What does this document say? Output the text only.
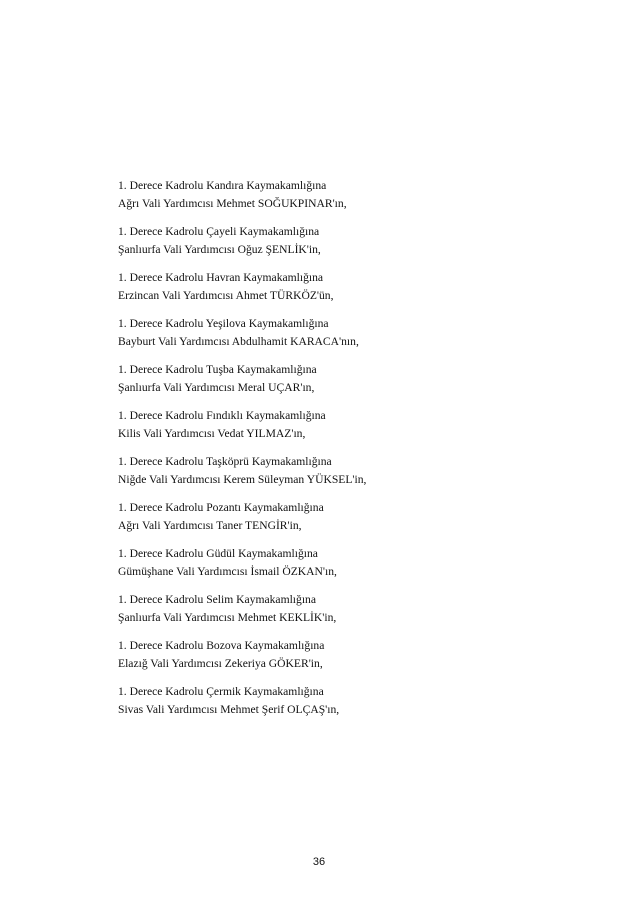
1. Derece Kadrolu Kandıra Kaymakamlığına
Ağrı Vali Yardımcısı Mehmet SOĞUKPINAR'ın,
1. Derece Kadrolu Çayeli Kaymakamlığına
Şanlıurfa Vali Yardımcısı Oğuz ŞENLİK'in,
1. Derece Kadrolu Havran Kaymakamlığına
Erzincan Vali Yardımcısı Ahmet TÜRKÖZ'ün,
1. Derece Kadrolu Yeşilova Kaymakamlığına
Bayburt Vali Yardımcısı Abdulhamit KARACA'nın,
1. Derece Kadrolu Tuşba Kaymakamlığına
Şanlıurfa Vali Yardımcısı Meral UÇAR'ın,
1. Derece Kadrolu Fındıklı Kaymakamlığına
Kilis Vali Yardımcısı Vedat YILMAZ'ın,
1. Derece Kadrolu Taşköprü Kaymakamlığına
Niğde Vali Yardımcısı Kerem Süleyman YÜKSEL'in,
1. Derece Kadrolu Pozantı Kaymakamlığına
Ağrı Vali Yardımcısı Taner TENGİR'in,
1. Derece Kadrolu Güdül Kaymakamlığına
Gümüşhane Vali Yardımcısı İsmail ÖZKAN'ın,
1. Derece Kadrolu Selim Kaymakamlığına
Şanlıurfa Vali Yardımcısı Mehmet KEKLİK'in,
1. Derece Kadrolu Bozova Kaymakamlığına
Elazığ Vali Yardımcısı Zekeriya GÖKER'in,
1. Derece Kadrolu Çermik Kaymakamlığına
Sivas Vali Yardımcısı Mehmet Şerif OLÇAŞ'ın,
36
